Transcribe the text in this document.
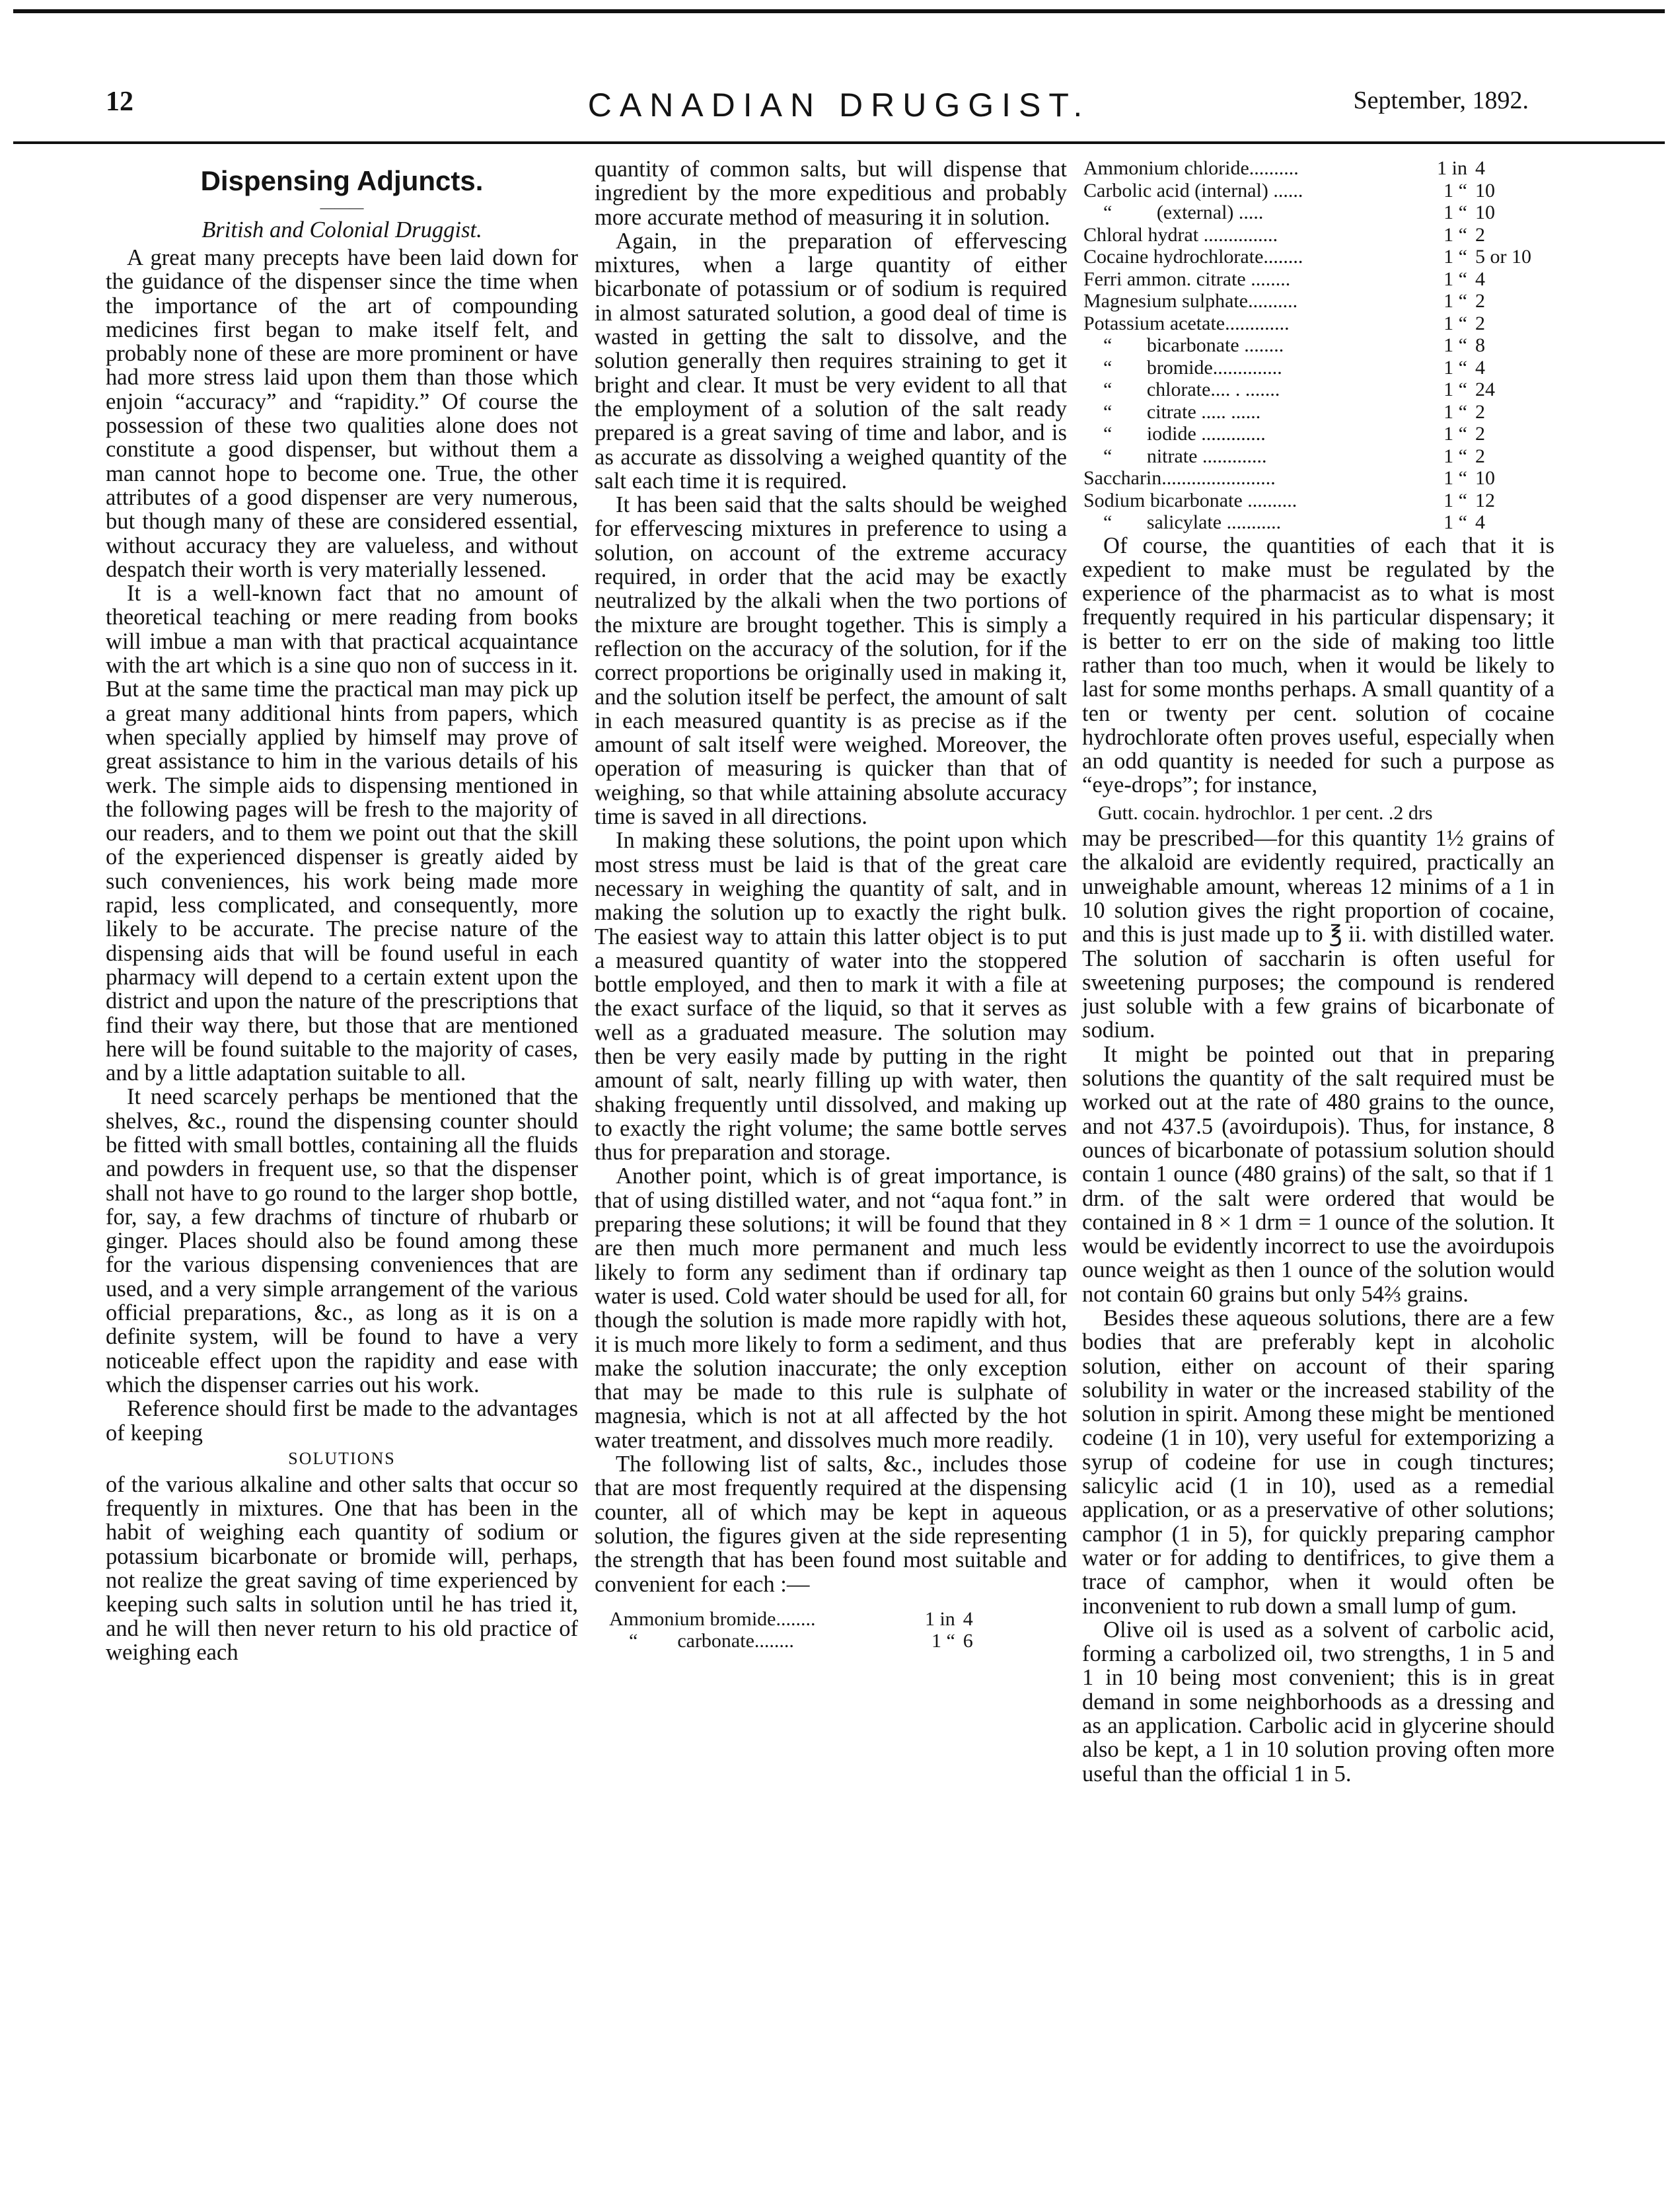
12	CANADIAN DRUGGIST.	September, 1892.
Dispensing Adjuncts.
———

British and Colonial Druggist.

A great many precepts have been laid down for the guidance of the dispenser since the time when the importance of the art of compounding medicines first began to make itself felt, and probably none of these are more prominent or have had more stress laid upon them than those which enjoin “accuracy” and “rapidity.” Of course the possession of these two qualities alone does not constitute a good dispenser, but without them a man cannot hope to become one. True, the other attributes of a good dispenser are very numerous, but though many of these are considered essential, without accuracy they are valueless, and without despatch their worth is very materially lessened.

It is a well-known fact that no amount of theoretical teaching or mere reading from books will imbue a man with that practical acquaintance with the art which is a sine quo non of success in it. But at the same time the practical man may pick up a great many additional hints from papers, which when specially applied by himself may prove of great assistance to him in the various details of his werk. The simple aids to dispensing mentioned in the following pages will be fresh to the majority of our readers, and to them we point out that the skill of the experienced dispenser is greatly aided by such conveniences, his work being made more rapid, less complicated, and consequently, more likely to be accurate. The precise nature of the dispensing aids that will be found useful in each pharmacy will depend to a certain extent upon the district and upon the nature of the prescriptions that find their way there, but those that are mentioned here will be found suitable to the majority of cases, and by a little adaptation suitable to all.

It need scarcely perhaps be mentioned that the shelves, &c., round the dispensing counter should be fitted with small bottles, containing all the fluids and powders in frequent use, so that the dispenser shall not have to go round to the larger shop bottle, for, say, a few drachms of tincture of rhubarb or ginger. Places should also be found among these for the various dispensing conveniences that are used, and a very simple arrangement of the various official preparations, &c., as long as it is on a definite system, will be found to have a very noticeable effect upon the rapidity and ease with which the dispenser carries out his work.

Reference should first be made to the advantages of keeping

SOLUTIONS

of the various alkaline and other salts that occur so frequently in mixtures. One that has been in the habit of weighing each quantity of sodium or potassium bicarbonate or bromide will, perhaps, not realize the great saving of time experienced by keeping such salts in solution until he has tried it, and he will then never return to his old practice of weighing each

quantity of common salts, but will dispense that ingredient by the more expeditious and probably more accurate method of measuring it in solution.

Again, in the preparation of effervescing mixtures, when a large quantity of either bicarbonate of potassium or of sodium is required in almost saturated solution, a good deal of time is wasted in getting the salt to dissolve, and the solution generally then requires straining to get it bright and clear. It must be very evident to all that the employment of a solution of the salt ready prepared is a great saving of time and labor, and is as accurate as dissolving a weighed quantity of the salt each time it is required.

It has been said that the salts should be weighed for effervescing mixtures in preference to using a solution, on account of the extreme accuracy required, in order that the acid may be exactly neutralized by the alkali when the two portions of the mixture are brought together. This is simply a reflection on the accuracy of the solution, for if the correct proportions be originally used in making it, and the solution itself be perfect, the amount of salt in each measured quantity is as precise as if the amount of salt itself were weighed. Moreover, the operation of measuring is quicker than that of weighing, so that while attaining absolute accuracy time is saved in all directions.

In making these solutions, the point upon which most stress must be laid is that of the great care necessary in weighing the quantity of salt, and in making the solution up to exactly the right bulk. The easiest way to attain this latter object is to put a measured quantity of water into the stoppered bottle employed, and then to mark it with a file at the exact surface of the liquid, so that it serves as well as a graduated measure. The solution may then be very easily made by putting in the right amount of salt, nearly filling up with water, then shaking frequently until dissolved, and making up to exactly the right volume; the same bottle serves thus for preparation and storage.

Another point, which is of great importance, is that of using distilled water, and not “aqua font.” in preparing these solutions; it will be found that they are then much more permanent and much less likely to form any sediment than if ordinary tap water is used. Cold water should be used for all, for though the solution is made more rapidly with hot, it is much more likely to form a sediment, and thus make the solution inaccurate; the only exception that may be made to this rule is sulphate of magnesia, which is not at all affected by the hot water treatment, and dissolves much more readily.

The following list of salts, &c., includes those that are most frequently required at the dispensing counter, all of which may be kept in aqueous solution, the figures given at the side representing the strength that has been found most suitable and convenient for each :—

Ammonium bromide........	1 in	4
“        carbonate........	1 “	6
Ammonium chloride..........	1 in	4
Carbolic acid (internal) ......	1 “	10
“         (external) .....	1 “	10
Chloral hydrat ...............	1 “	2
Cocaine hydrochlorate........	1 “	5 or 10
Ferri ammon. citrate ........	1 “	4
Magnesium sulphate..........	1 “	2
Potassium acetate.............	1 “	2
“       bicarbonate ........	1 “	8
“       bromide..............	1 “	4
“       chlorate.... . .......	1 “	24
“       citrate ..... ......	1 “	2
“       iodide .............	1 “	2
“       nitrate .............	1 “	2
Saccharin.......................	1 “	10
Sodium bicarbonate ..........	1 “	12
“       salicylate ...........	1 “	4

Of course, the quantities of each that it is expedient to make must be regulated by the experience of the pharmacist as to what is most frequently required in his particular dispensary; it is better to err on the side of making too little rather than too much, when it would be likely to last for some months perhaps. A small quantity of a ten or twenty per cent. solution of cocaine hydrochlorate often proves useful, especially when an odd quantity is needed for such a purpose as “eye-drops”; for instance,

Gutt. cocain. hydrochlor. 1 per cent. .2 drs

may be prescribed—for this quantity 1½ grains of the alkaloid are evidently required, practically an unweighable amount, whereas 12 minims of a 1 in 10 solution gives the right proportion of cocaine, and this is just made up to ℥ ii. with distilled water. The solution of saccharin is often useful for sweetening purposes; the compound is rendered just soluble with a few grains of bicarbonate of sodium.

It might be pointed out that in preparing solutions the quantity of the salt required must be worked out at the rate of 480 grains to the ounce, and not 437.5 (avoirdupois). Thus, for instance, 8 ounces of bicarbonate of potassium solution should contain 1 ounce (480 grains) of the salt, so that if 1 drm. of the salt were ordered that would be contained in 8 × 1 drm = 1 ounce of the solution. It would be evidently incorrect to use the avoirdupois ounce weight as then 1 ounce of the solution would not contain 60 grains but only 54⅔ grains.

Besides these aqueous solutions, there are a few bodies that are preferably kept in alcoholic solution, either on account of their sparing solubility in water or the increased stability of the solution in spirit. Among these might be mentioned codeine (1 in 10), very useful for extemporizing a syrup of codeine for use in cough tinctures; salicylic acid (1 in 10), used as a remedial application, or as a preservative of other solutions; camphor (1 in 5), for quickly preparing camphor water or for adding to dentifrices, to give them a trace of camphor, when it would often be inconvenient to rub down a small lump of gum.

Olive oil is used as a solvent of carbolic acid, forming a carbolized oil, two strengths, 1 in 5 and 1 in 10 being most convenient; this is in great demand in some neighborhoods as a dressing and as an application. Carbolic acid in glycerine should also be kept, a 1 in 10 solution proving often more useful than the official 1 in 5.
